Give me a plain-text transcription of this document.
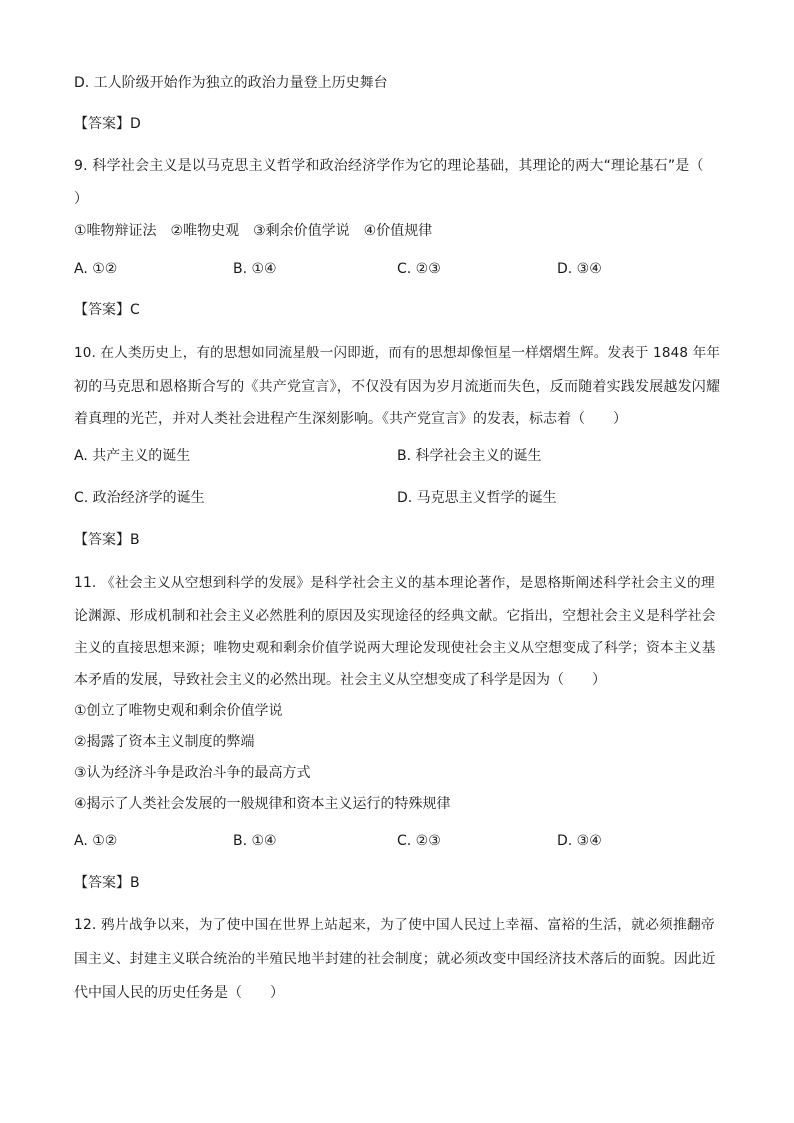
D. 工人阶级开始作为独立的政治力量登上历史舞台
【答案】D
9. 科学社会主义是以马克思主义哲学和政治经济学作为它的理论基础，其理论的两大“理论基石”是（
）
①唯物辩证法　②唯物史观　③剩余价值学说　④价值规律
A. ①②	B. ①④	C. ②③	D. ③④
【答案】C
10. 在人类历史上，有的思想如同流星般一闪即逝，而有的思想却像恒星一样熠熠生辉。发表于 1848 年年
初的马克思和恩格斯合写的《共产党宣言》，不仅没有因为岁月流逝而失色，反而随着实践发展越发闪耀
着真理的光芒，并对人类社会进程产生深刻影响。《共产党宣言》的发表，标志着（　　）
A. 共产主义的诞生	B. 科学社会主义的诞生
C. 政治经济学的诞生	D. 马克思主义哲学的诞生
【答案】B
11. 《社会主义从空想到科学的发展》是科学社会主义的基本理论著作，是恩格斯阐述科学社会主义的理
论渊源、形成机制和社会主义必然胜利的原因及实现途径的经典文献。它指出，空想社会主义是科学社会
主义的直接思想来源；唯物史观和剩余价值学说两大理论发现使社会主义从空想变成了科学；资本主义基
本矛盾的发展，导致社会主义的必然出现。社会主义从空想变成了科学是因为（　　）
①创立了唯物史观和剩余价值学说
②揭露了资本主义制度的弊端
③认为经济斗争是政治斗争的最高方式
④揭示了人类社会发展的一般规律和资本主义运行的特殊规律
A. ①②	B. ①④	C. ②③	D. ③④
【答案】B
12. 鸦片战争以来，为了使中国在世界上站起来，为了使中国人民过上幸福、富裕的生活，就必须推翻帝
国主义、封建主义联合统治的半殖民地半封建的社会制度；就必须改变中国经济技术落后的面貌。因此近
代中国人民的历史任务是（　　）
